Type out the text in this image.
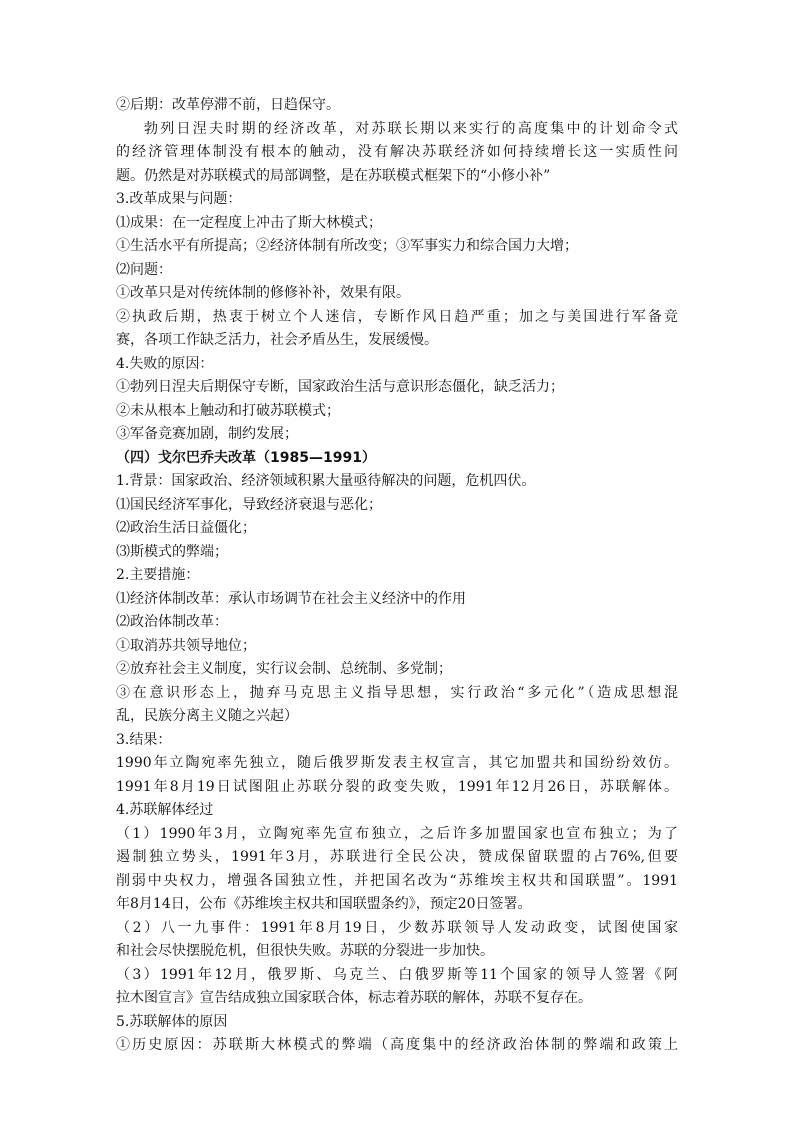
②后期：改革停滞不前，日趋保守。
勃列日涅夫时期的经济改革，对苏联长期以来实行的高度集中的计划命令式
的经济管理体制没有根本的触动，没有解决苏联经济如何持续增长这一实质性问
题。仍然是对苏联模式的局部调整，是在苏联模式框架下的“小修小补”
3.改革成果与问题：
⑴成果：在一定程度上冲击了斯大林模式；
①生活水平有所提高；②经济体制有所改变；③军事实力和综合国力大增；
⑵问题：
①改革只是对传统体制的修修补补，效果有限。
②执政后期，热衷于树立个人迷信，专断作风日趋严重；加之与美国进行军备竞
赛，各项工作缺乏活力，社会矛盾丛生，发展缓慢。
4.失败的原因：
①勃列日涅夫后期保守专断，国家政治生活与意识形态僵化，缺乏活力；
②未从根本上触动和打破苏联模式；
③军备竞赛加剧，制约发展；
（四）戈尔巴乔夫改革（1985—1991）
1.背景：国家政治、经济领域积累大量亟待解决的问题，危机四伏。
⑴国民经济军事化，导致经济衰退与恶化；
⑵政治生活日益僵化；
⑶斯模式的弊端；
2.主要措施：
⑴经济体制改革：承认市场调节在社会主义经济中的作用
⑵政治体制改革：
①取消苏共领导地位；
②放弃社会主义制度，实行议会制、总统制、多党制；
③在意识形态上，抛弃马克思主义指导思想，实行政治“多元化”（造成思想混
乱，民族分离主义随之兴起）
3.结果：
1990年立陶宛率先独立，随后俄罗斯发表主权宣言，其它加盟共和国纷纷效仿。
1991年8月19日试图阻止苏联分裂的政变失败，1991年12月26日，苏联解体。
4.苏联解体经过
（1）1990年3月，立陶宛率先宣布独立，之后许多加盟国家也宣布独立；为了
遏制独立势头，1991年3月，苏联进行全民公决，赞成保留联盟的占76%,但要
削弱中央权力，增强各国独立性，并把国名改为“苏维埃主权共和国联盟”。1991
年8月14日，公布《苏维埃主权共和国联盟条约》，预定20日签署。
（2）八一九事件：1991年8月19日，少数苏联领导人发动政变，试图使国家
和社会尽快摆脱危机，但很快失败。苏联的分裂进一步加快。
（3）1991年12月，俄罗斯、乌克兰、白俄罗斯等11个国家的领导人签署《阿
拉木图宣言》宣告结成独立国家联合体，标志着苏联的解体，苏联不复存在。
5.苏联解体的原因
①历史原因：苏联斯大林模式的弊端（高度集中的经济政治体制的弊端和政策上
